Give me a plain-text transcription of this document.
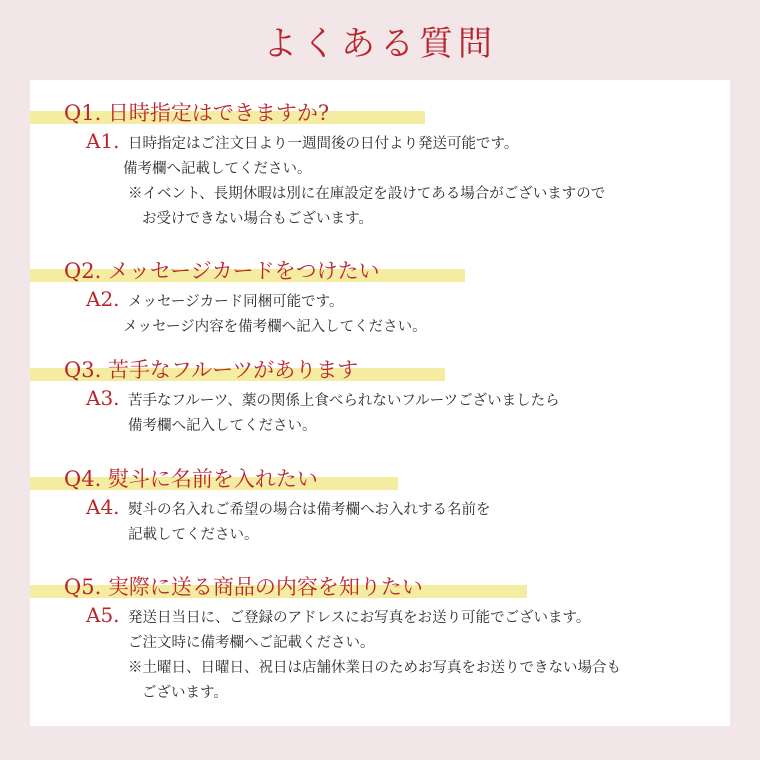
よくある質問
Q1. 日時指定はできますか?
A1. 日時指定はご注文日より一週間後の日付より発送可能です。
備考欄へ記載してください。
※イベント、長期休暇は別に在庫設定を設けてある場合がございますので
お受けできない場合もございます。
Q2. メッセージカードをつけたい
A2. メッセージカード同梱可能です。
メッセージ内容を備考欄へ記入してください。
Q3. 苦手なフルーツがあります
A3. 苦手なフルーツ、薬の関係上食べられないフルーツございましたら
備考欄へ記入してください。
Q4. 熨斗に名前を入れたい
A4. 熨斗の名入れご希望の場合は備考欄へお入れする名前を
記載してください。
Q5. 実際に送る商品の内容を知りたい
A5. 発送日当日に、ご登録のアドレスにお写真をお送り可能でございます。
ご注文時に備考欄へご記載ください。
※土曜日、日曜日、祝日は店舗休業日のためお写真をお送りできない場合も
ございます。
